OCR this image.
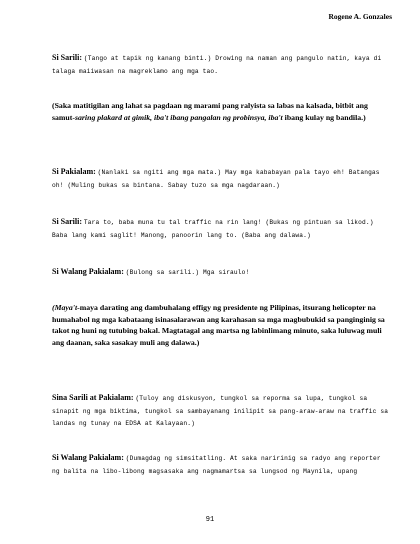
Rogene A. Gonzales
Si Sarili: (Tango at tapik ng kanang binti.) Drowing na naman ang pangulo natin, kaya di talaga maiiwasan na magreklamo ang mga tao.
(Saka matitigilan ang lahat sa pagdaan ng marami pang ralyista sa labas na kalsada, bitbit ang samut-saring plakard at gimik, iba't ibang pangalan ng probinsya, iba't ibang kulay ng bandila.)
Si Pakialam: (Nanlaki sa ngiti ang mga mata.) May mga kababayan pala tayo eh! Batangas oh! (Muling bukas sa bintana. Sabay tuzo sa mga nagdaraan.)
Si Sarili: Tara to, baba muna tu tal traffic na rin lang! (Bukas ng pintuan sa likod.) Baba lang kami saglit! Manong, panoorin lang to. (Baba ang dalawa.)
Si Walang Pakialam: (Bulong sa sarili.) Mga siraulo!
(Maya't-maya darating ang dambuhalang effigy ng presidente ng Pilipinas, itsurang helicopter na humahabol ng mga kabataang isinasalarawan ang karahasan sa mga magbubukid sa panginginig sa takot ng huni ng tutubing bakal. Magtatagal ang martsa ng labinlimang minuto, saka luluwag muli ang daanan, saka sasakay muli ang dalawa.)
Sina Sarili at Pakialam: (Tuloy ang diskusyon, tungkol sa reporma sa lupa, tungkol sa sinapit ng mga biktima, tungkol sa sambayanang inilipit sa pang-araw-araw na traffic sa landas ng tunay na EDSA at Kalayaan.)
Si Walang Pakialam: (Dumagdag ng simsitatling. At saka naririnig sa radyo ang reporter ng balita na libo-libong magsasaka ang nagmamartsa sa lungsod ng Maynila, upang
91
